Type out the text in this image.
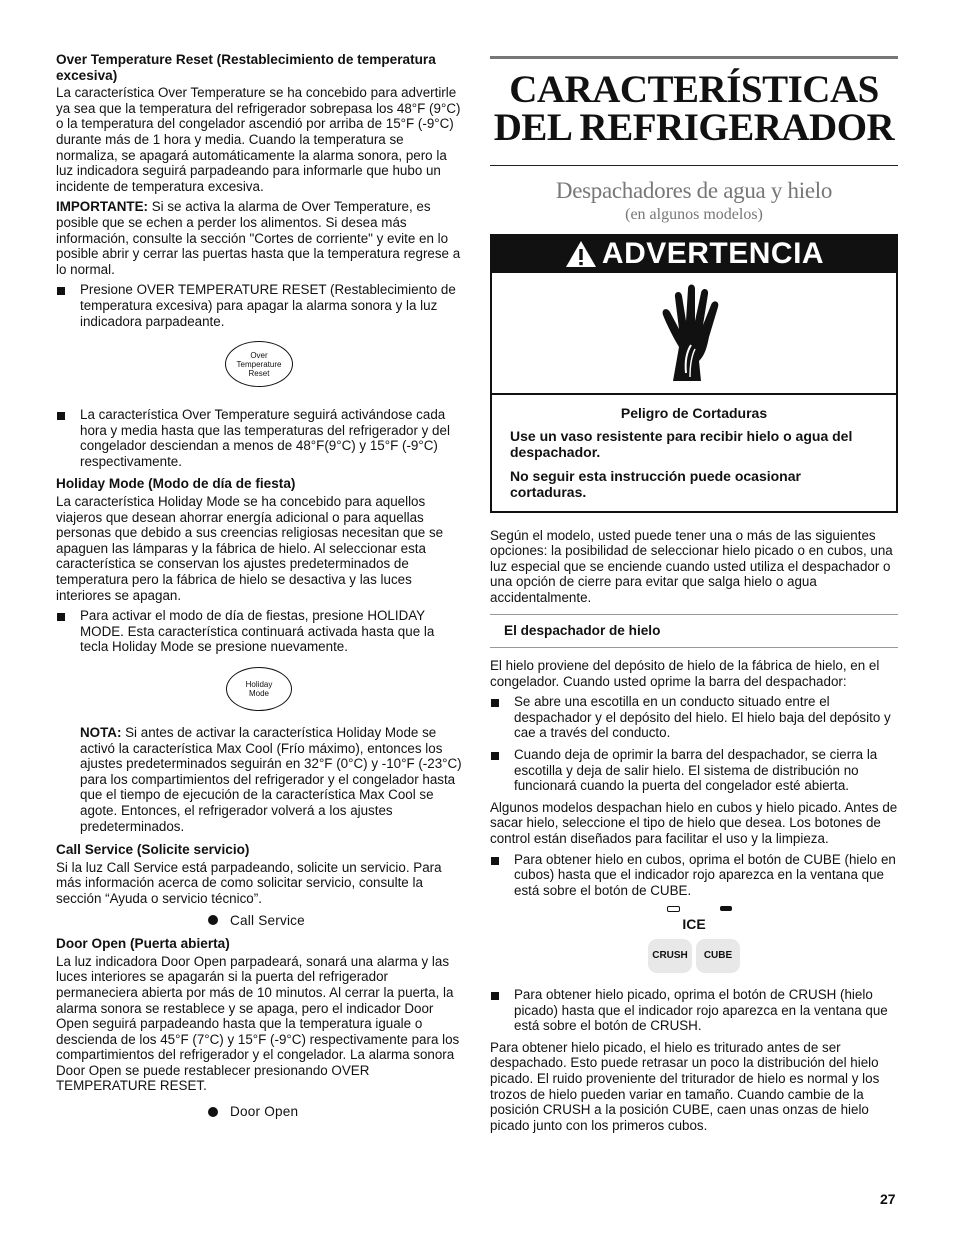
Over Temperature Reset (Restablecimiento de temperatura excesiva)

La característica Over Temperature se ha concebido para advertirle ya sea que la temperatura del refrigerador sobrepasa los 48°F (9°C) o la temperatura del congelador ascendió por arriba de 15°F (-9°C) durante más de 1 hora y media. Cuando la temperatura se normaliza, se apagará automáticamente la alarma sonora, pero la luz indicadora seguirá parpadeando para informarle que hubo un incidente de temperatura excesiva.

IMPORTANTE: Si se activa la alarma de Over Temperature, es posible que se echen a perder los alimentos. Si desea más información, consulte la sección "Cortes de corriente" y evite en lo posible abrir y cerrar las puertas hasta que la temperatura regrese a lo normal.

Presione OVER TEMPERATURE RESET (Restablecimiento de temperatura excesiva) para apagar la alarma sonora y la luz indicadora parpadeante.
Over
Temperature
Reset
La característica Over Temperature seguirá activándose cada hora y media hasta que las temperaturas del refrigerador y del congelador desciendan a menos de 48°F(9°C) y 15°F (-9°C) respectivamente.
Holiday Mode (Modo de día de fiesta)

La característica Holiday Mode se ha concebido para aquellos viajeros que desean ahorrar energía adicional o para aquellas personas que debido a sus creencias religiosas necesitan que se apaguen las lámparas y la fábrica de hielo. Al seleccionar esta característica se conservan los ajustes predeterminados de temperatura pero la fábrica de hielo se desactiva y las luces interiores se apagan.

Para activar el modo de día de fiestas, presione HOLIDAY MODE. Esta característica continuará activada hasta que la tecla Holiday Mode se presione nuevamente.
Holiday
Mode

NOTA: Si antes de activar la característica Holiday Mode se activó la característica Max Cool (Frío máximo), entonces los ajustes predeterminados seguirán en 32°F (0°C) y -10°F (-23°C) para los compartimientos del refrigerador y el congelador hasta que el tiempo de ejecución de la característica Max Cool se agote. Entonces, el refrigerador volverá a los ajustes predeterminados.

Call Service (Solicite servicio)

Si la luz Call Service está parpadeando, solicite un servicio. Para más información acerca de como solicitar servicio, consulte la sección “Ayuda o servicio técnico”.

Call Service
Door Open (Puerta abierta)

La luz indicadora Door Open parpadeará, sonará una alarma y las luces interiores se apagarán si la puerta del refrigerador permaneciera abierta por más de 10 minutos. Al cerrar la puerta, la alarma sonora se restablece y se apaga, pero el indicador Door Open seguirá parpadeando hasta que la temperatura iguale o descienda de los 45°F (7°C) y 15°F (-9°C) respectivamente para los compartimientos del refrigerador y el congelador. La alarma sonora Door Open se puede restablecer presionando OVER TEMPERATURE RESET.

Door Open
CARACTERÍSTICAS
DEL REFRIGERADOR
Despachadores de agua y hielo
(en algunos modelos)
ADVERTENCIA
Peligro de Cortaduras
Use un vaso resistente para recibir hielo o agua del despachador.
No seguir esta instrucción puede ocasionar cortaduras.

Según el modelo, usted puede tener una o más de las siguientes opciones: la posibilidad de seleccionar hielo picado o en cubos, una luz especial que se enciende cuando usted utiliza el despachador o una opción de cierre para evitar que salga hielo o agua accidentalmente.

El despachador de hielo

El hielo proviene del depósito de hielo de la fábrica de hielo, en el congelador. Cuando usted oprime la barra del despachador:

Se abre una escotilla en un conducto situado entre el despachador y el depósito del hielo. El hielo baja del depósito y cae a través del conducto.
Cuando deja de oprimir la barra del despachador, se cierra la escotilla y deja de salir hielo. El sistema de distribución no funcionará cuando la puerta del congelador esté abierta.

Algunos modelos despachan hielo en cubos y hielo picado. Antes de sacar hielo, seleccione el tipo de hielo que desea. Los botones de control están diseñados para facilitar el uso y la limpieza.

Para obtener hielo en cubos, oprima el botón de CUBE (hielo en cubos) hasta que el indicador rojo aparezca en la ventana que está sobre el botón de CUBE.
ICE
CRUSH	CUBE
Para obtener hielo picado, oprima el botón de CRUSH (hielo picado) hasta que el indicador rojo aparezca en la ventana que está sobre el botón de CRUSH.

Para obtener hielo picado, el hielo es triturado antes de ser despachado. Esto puede retrasar un poco la distribución del hielo picado. El ruido proveniente del triturador de hielo es normal y los trozos de hielo pueden variar en tamaño. Cuando cambie de la posición CRUSH a la posición CUBE, caen unas onzas de hielo picado junto con los primeros cubos.

27
